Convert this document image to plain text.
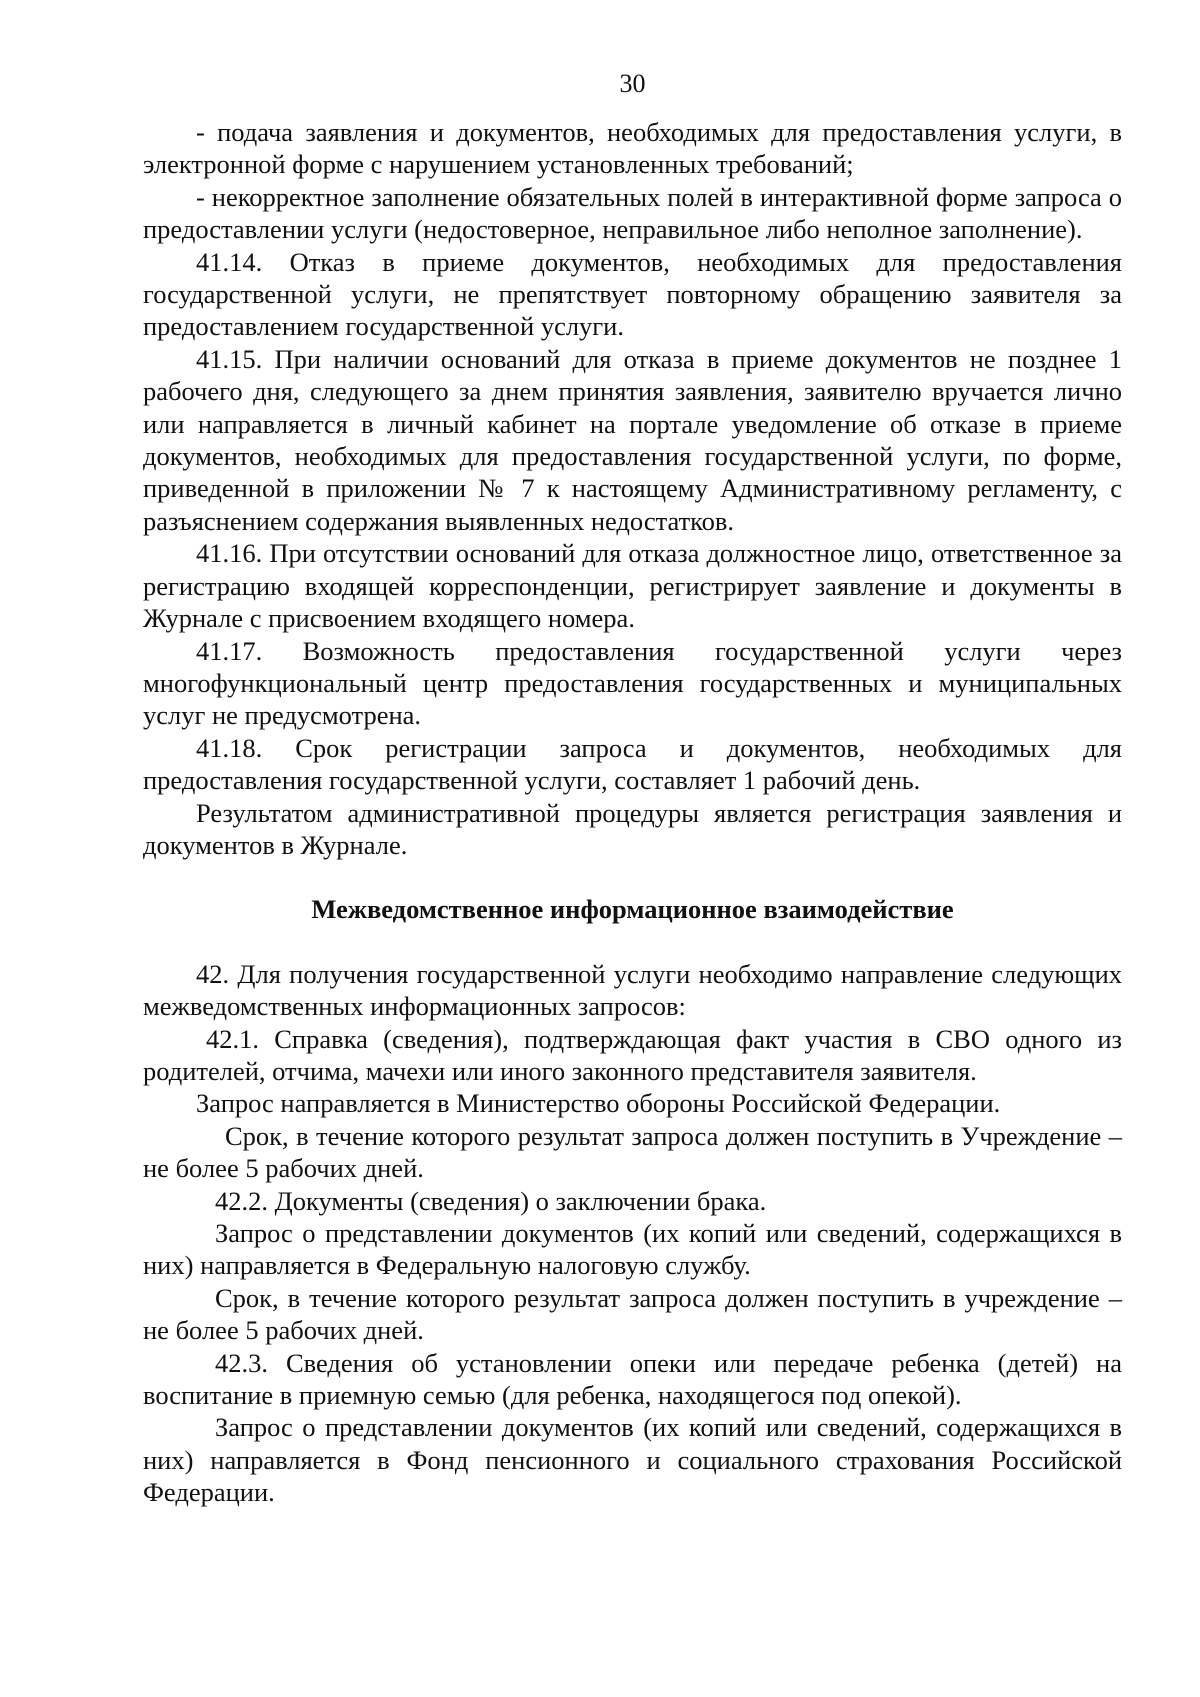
30

- подача заявления и документов, необходимых для предоставления услуги, в электронной форме с нарушением установленных требований;

- некорректное заполнение обязательных полей в интерактивной форме запроса о предоставлении услуги (недостоверное, неправильное либо неполное заполнение).

41.14. Отказ в приеме документов, необходимых для предоставления государственной услуги, не препятствует повторному обращению заявителя за предоставлением государственной услуги.

41.15. При наличии оснований для отказа в приеме документов не позднее 1 рабочего дня, следующего за днем принятия заявления, заявителю вручается лично или направляется в личный кабинет на портале уведомление об отказе в приеме документов, необходимых для предоставления государственной услуги, по форме, приведенной в приложении № 7 к настоящему Административному регламенту, с разъяснением содержания выявленных недостатков.

41.16. При отсутствии оснований для отказа должностное лицо, ответственное за регистрацию входящей корреспонденции, регистрирует заявление и документы в Журнале с присвоением входящего номера.

41.17. Возможность предоставления государственной услуги через многофункциональный центр предоставления государственных и муниципальных услуг не предусмотрена.

41.18. Срок регистрации запроса и документов, необходимых для предоставления государственной услуги, составляет 1 рабочий день.

Результатом административной процедуры является регистрация заявления и документов в Журнале.

Межведомственное информационное взаимодействие

42. Для получения государственной услуги необходимо направление следующих межведомственных информационных запросов:

42.1. Справка (сведения), подтверждающая факт участия в СВО одного из родителей, отчима, мачехи или иного законного представителя заявителя.

Запрос направляется в Министерство обороны Российской Федерации.

Срок, в течение которого результат запроса должен поступить в Учреждение – не более 5 рабочих дней.

42.2. Документы (сведения) о заключении брака.

Запрос о представлении документов (их копий или сведений, содержащихся в них) направляется в Федеральную налоговую службу.

Срок, в течение которого результат запроса должен поступить в учреждение – не более 5 рабочих дней.

42.3. Сведения об установлении опеки или передаче ребенка (детей) на воспитание в приемную семью (для ребенка, находящегося под опекой).

Запрос о представлении документов (их копий или сведений, содержащихся в них) направляется в Фонд пенсионного и социального страхования Российской Федерации.
